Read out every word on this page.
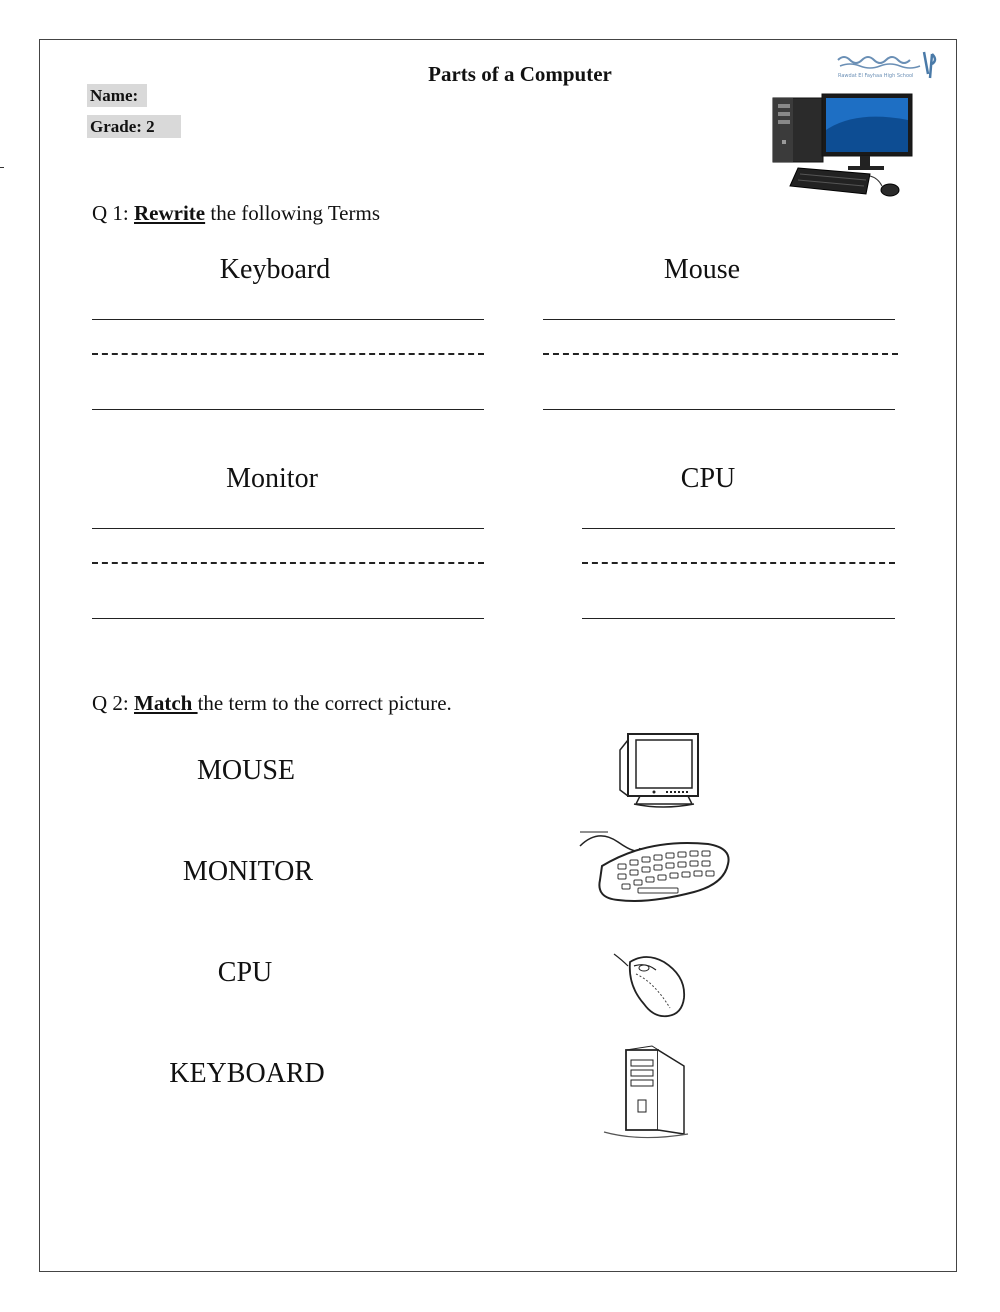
Parts of a Computer
Name:
Grade: 2
Rawdat El Fayhaa High School
Q 1: Rewrite the following Terms
Keyboard	Mouse
Monitor	CPU
Q 2: Match the term to the correct picture.
MOUSE
MONITOR
CPU
KEYBOARD
